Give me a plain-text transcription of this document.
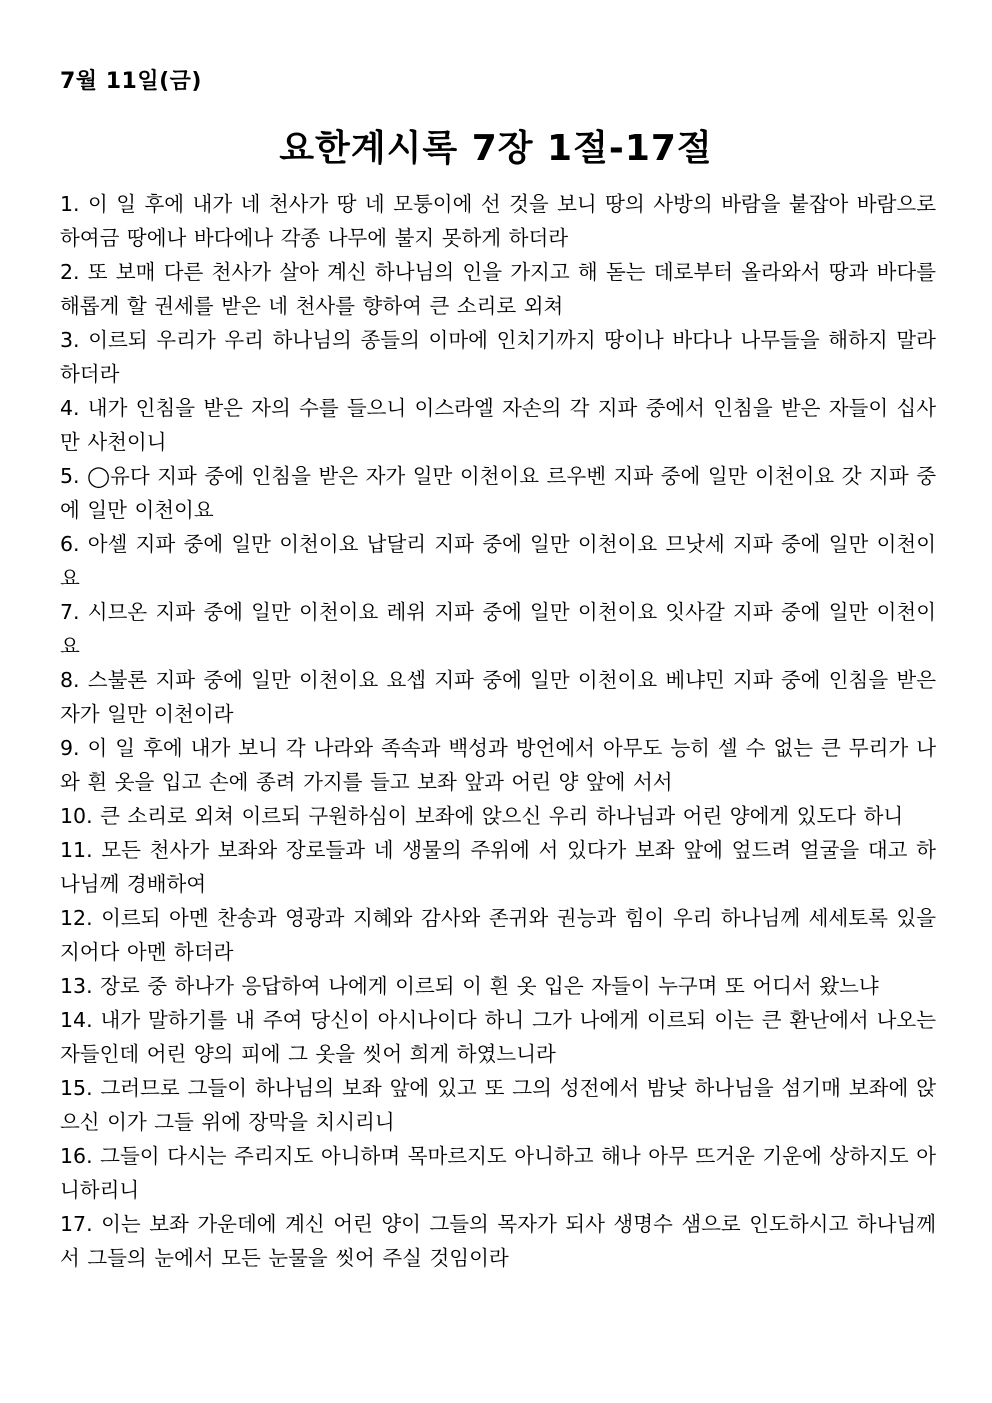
7월 11일(금)
요한계시록 7장 1절-17절

1. 이 일 후에 내가 네 천사가 땅 네 모퉁이에 선 것을 보니 땅의 사방의 바람을 붙잡아 바람으로 하여금 땅에나 바다에나 각종 나무에 불지 못하게 하더라

2. 또 보매 다른 천사가 살아 계신 하나님의 인을 가지고 해 돋는 데로부터 올라와서 땅과 바다를 해롭게 할 권세를 받은 네 천사를 향하여 큰 소리로 외쳐

3. 이르되 우리가 우리 하나님의 종들의 이마에 인치기까지 땅이나 바다나 나무들을 해하지 말라 하더라

4. 내가 인침을 받은 자의 수를 들으니 이스라엘 자손의 각 지파 중에서 인침을 받은 자들이 십사만 사천이니

5. ◯유다 지파 중에 인침을 받은 자가 일만 이천이요 르우벤 지파 중에 일만 이천이요 갓 지파 중에 일만 이천이요

6. 아셀 지파 중에 일만 이천이요 납달리 지파 중에 일만 이천이요 므낫세 지파 중에 일만 이천이요

7. 시므온 지파 중에 일만 이천이요 레위 지파 중에 일만 이천이요 잇사갈 지파 중에 일만 이천이요

8. 스불론 지파 중에 일만 이천이요 요셉 지파 중에 일만 이천이요 베냐민 지파 중에 인침을 받은 자가 일만 이천이라

9. 이 일 후에 내가 보니 각 나라와 족속과 백성과 방언에서 아무도 능히 셀 수 없는 큰 무리가 나와 흰 옷을 입고 손에 종려 가지를 들고 보좌 앞과 어린 양 앞에 서서

10. 큰 소리로 외쳐 이르되 구원하심이 보좌에 앉으신 우리 하나님과 어린 양에게 있도다 하니

11. 모든 천사가 보좌와 장로들과 네 생물의 주위에 서 있다가 보좌 앞에 엎드려 얼굴을 대고 하나님께 경배하여

12. 이르되 아멘 찬송과 영광과 지혜와 감사와 존귀와 권능과 힘이 우리 하나님께 세세토록 있을지어다 아멘 하더라

13. 장로 중 하나가 응답하여 나에게 이르되 이 흰 옷 입은 자들이 누구며 또 어디서 왔느냐

14. 내가 말하기를 내 주여 당신이 아시나이다 하니 그가 나에게 이르되 이는 큰 환난에서 나오는 자들인데 어린 양의 피에 그 옷을 씻어 희게 하였느니라

15. 그러므로 그들이 하나님의 보좌 앞에 있고 또 그의 성전에서 밤낮 하나님을 섬기매 보좌에 앉으신 이가 그들 위에 장막을 치시리니

16. 그들이 다시는 주리지도 아니하며 목마르지도 아니하고 해나 아무 뜨거운 기운에 상하지도 아니하리니

17. 이는 보좌 가운데에 계신 어린 양이 그들의 목자가 되사 생명수 샘으로 인도하시고 하나님께서 그들의 눈에서 모든 눈물을 씻어 주실 것임이라
